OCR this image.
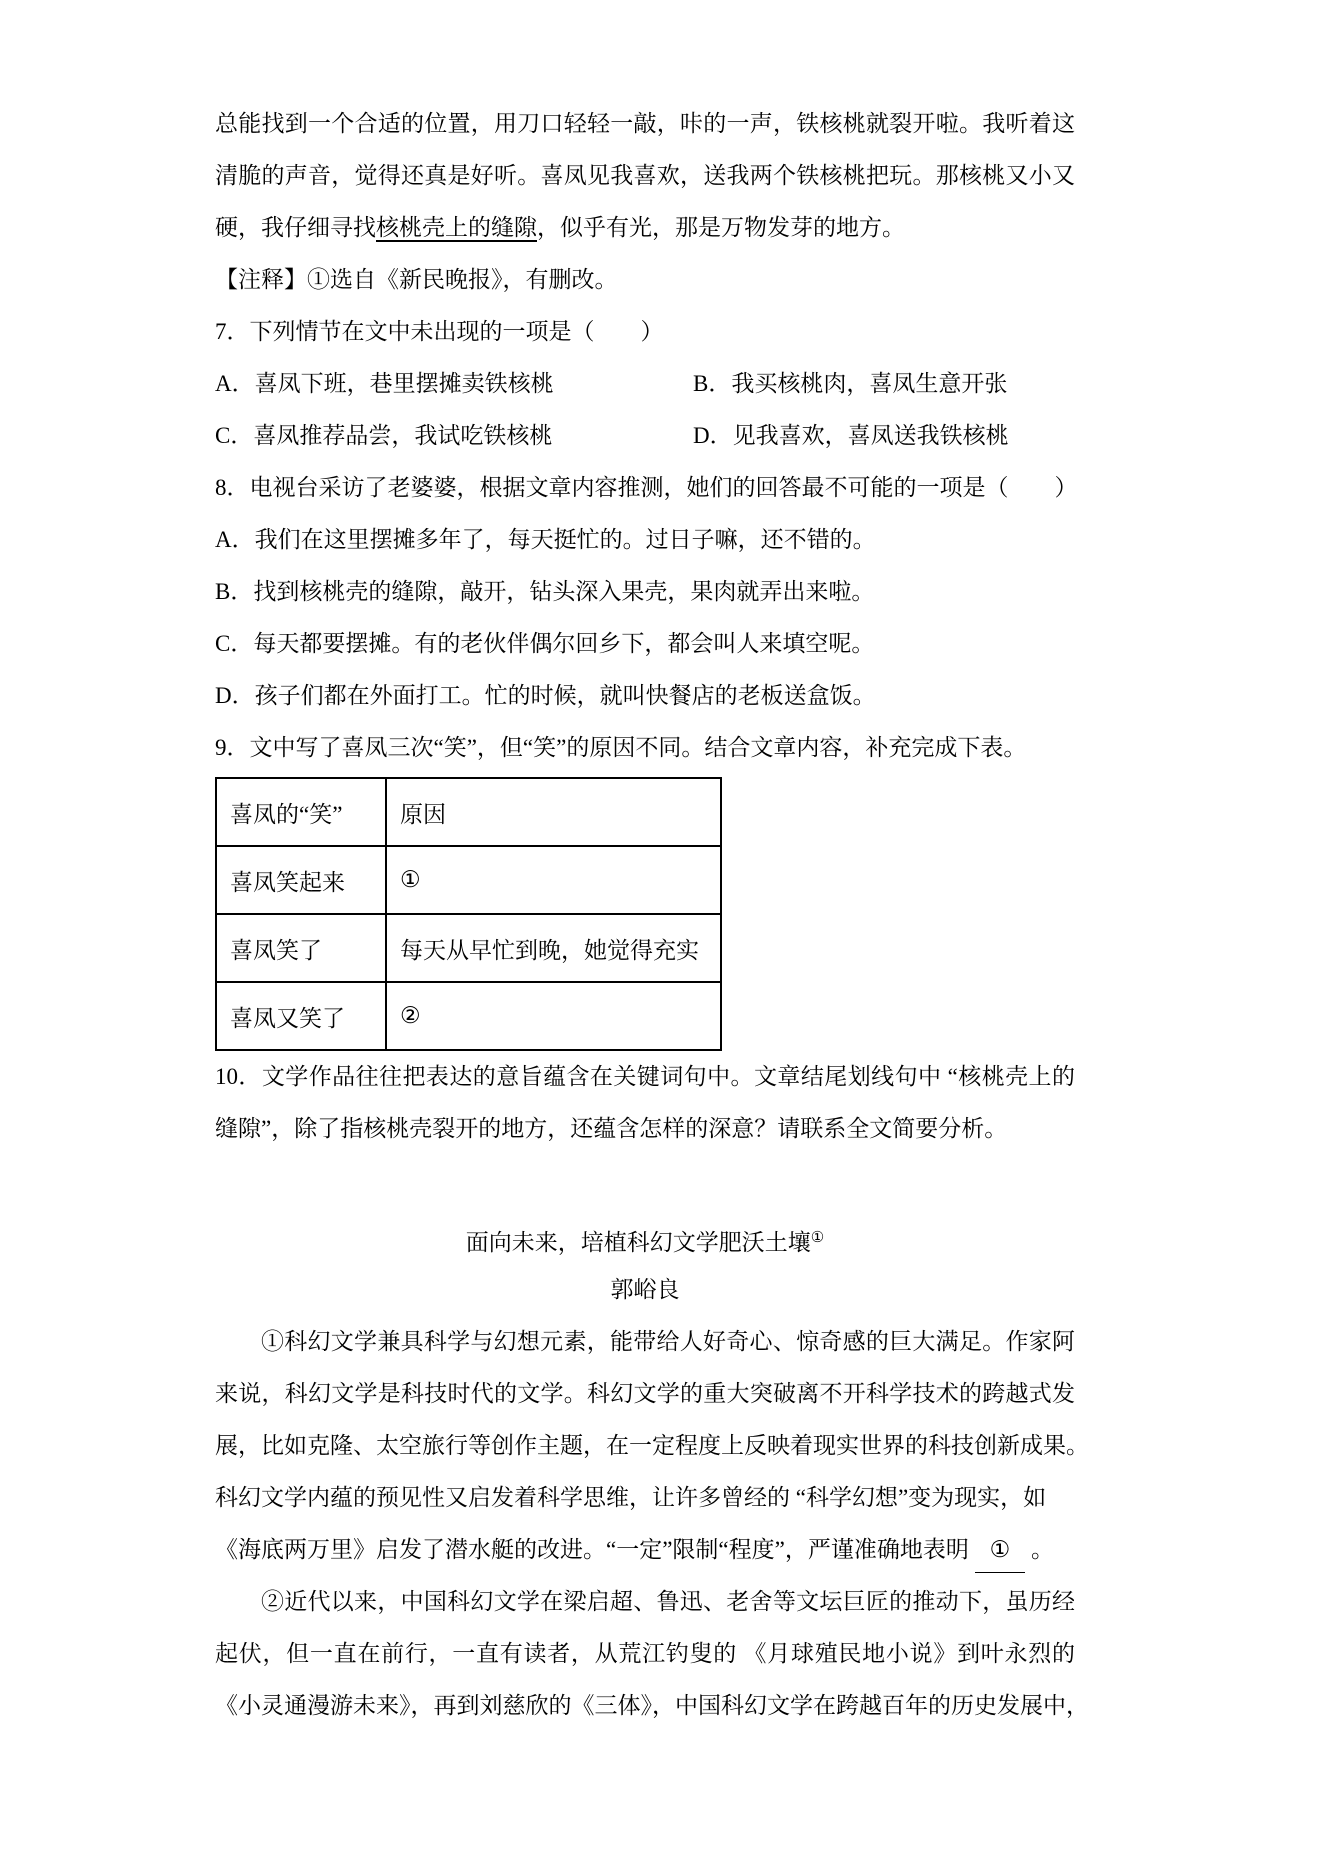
总能找到一个合适的位置，用刀口轻轻一敲，咔的一声，铁核桃就裂开啦。我听着这
清脆的声音，觉得还真是好听。喜凤见我喜欢，送我两个铁核桃把玩。那核桃又小又
硬，我仔细寻找核桃壳上的缝隙，似乎有光，那是万物发芽的地方。
【注释】①选自《新民晚报》，有删改。
7．下列情节在文中未出现的一项是（　　）
A．喜凤下班，巷里摆摊卖铁核桃	B．我买核桃肉，喜凤生意开张
C．喜凤推荐品尝，我试吃铁核桃	D．见我喜欢，喜凤送我铁核桃
8．电视台采访了老婆婆，根据文章内容推测，她们的回答最不可能的一项是（　　）
A．我们在这里摆摊多年了，每天挺忙的。过日子嘛，还不错的。
B．找到核桃壳的缝隙，敲开，钻头深入果壳，果肉就弄出来啦。
C．每天都要摆摊。有的老伙伴偶尔回乡下，都会叫人来填空呢。
D．孩子们都在外面打工。忙的时候，就叫快餐店的老板送盒饭。
9．文中写了喜凤三次“笑”，但“笑”的原因不同。结合文章内容，补充完成下表。
喜凤的“笑”	原因
喜凤笑起来	①
喜凤笑了	每天从早忙到晚，她觉得充实
喜凤又笑了	②
10．文学作品往往把表达的意旨蕴含在关键词句中。文章结尾划线句中 “核桃壳上的
缝隙”，除了指核桃壳裂开的地方，还蕴含怎样的深意？请联系全文简要分析。
面向未来，培植科幻文学肥沃土壤①
郭峪良
①科幻文学兼具科学与幻想元素，能带给人好奇心、惊奇感的巨大满足。作家阿
来说，科幻文学是科技时代的文学。科幻文学的重大突破离不开科学技术的跨越式发
展，比如克隆、太空旅行等创作主题，在一定程度上反映着现实世界的科技创新成果。
科幻文学内蕴的预见性又启发着科学思维，让许多曾经的 “科学幻想”变为现实，如
《海底两万里》启发了潜水艇的改进。“一定”限制“程度”，严谨准确地表明 ① 。
②近代以来，中国科幻文学在梁启超、鲁迅、老舍等文坛巨匠的推动下，虽历经
起伏，但一直在前行，一直有读者，从荒江钓叟的 《月球殖民地小说》到叶永烈的
《小灵通漫游未来》，再到刘慈欣的《三体》，中国科幻文学在跨越百年的历史发展中，
